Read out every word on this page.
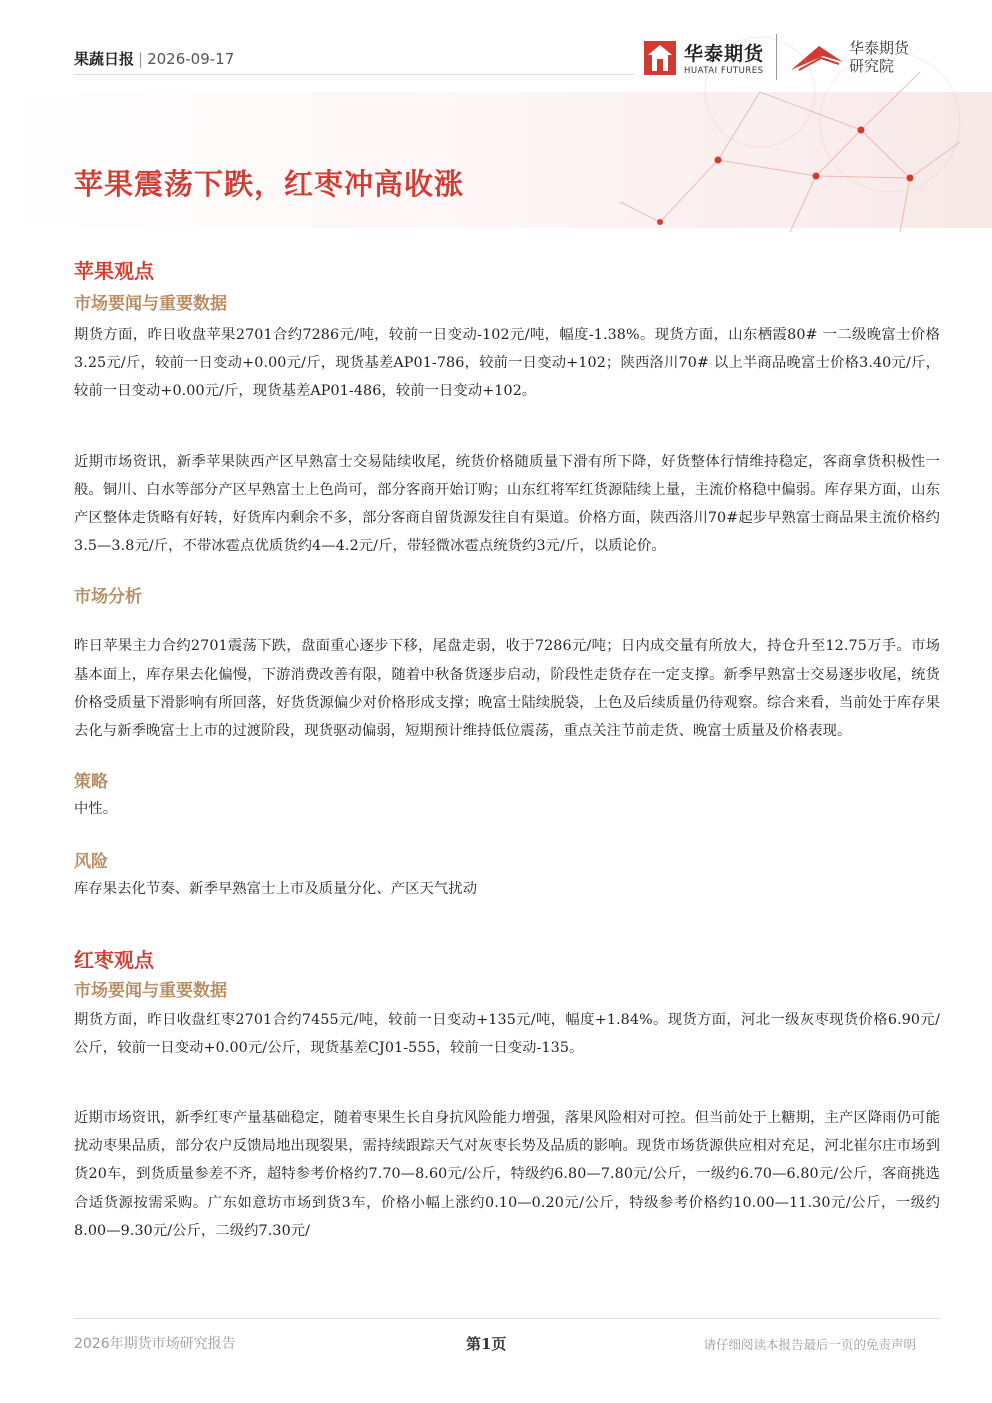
果蔬日报 | 2026-09-17	华泰期货
HUATAI FUTURES
华泰期货
研究院
苹果震荡下跌，红枣冲高收涨
苹果观点
市场要闻与重要数据

期货方面，昨日收盘苹果2701合约7286元/吨，较前一日变动-102元/吨，幅度-1.38%。现货方面，山东栖霞80# 一二级晚富士价格3.25元/斤，较前一日变动+0.00元/斤，现货基差AP01-786，较前一日变动+102；陕西洛川70# 以上半商品晚富士价格3.40元/斤，较前一日变动+0.00元/斤，现货基差AP01-486，较前一日变动+102。

近期市场资讯，新季苹果陕西产区早熟富士交易陆续收尾，统货价格随质量下滑有所下降，好货整体行情维持稳定，客商拿货积极性一般。铜川、白水等部分产区早熟富士上色尚可，部分客商开始订购；山东红将军红货源陆续上量，主流价格稳中偏弱。库存果方面，山东产区整体走货略有好转，好货库内剩余不多，部分客商自留货源发往自有渠道。价格方面，陕西洛川70#起步早熟富士商品果主流价格约3.5—3.8元/斤，不带冰雹点优质货约4—4.2元/斤，带轻微冰雹点统货约3元/斤，以质论价。

市场分析

昨日苹果主力合约2701震荡下跌，盘面重心逐步下移，尾盘走弱，收于7286元/吨；日内成交量有所放大，持仓升至12.75万手。市场基本面上，库存果去化偏慢，下游消费改善有限，随着中秋备货逐步启动，阶段性走货存在一定支撑。新季早熟富士交易逐步收尾，统货价格受质量下滑影响有所回落，好货货源偏少对价格形成支撑；晚富士陆续脱袋，上色及后续质量仍待观察。综合来看，当前处于库存果去化与新季晚富士上市的过渡阶段，现货驱动偏弱，短期预计维持低位震荡，重点关注节前走货、晚富士质量及价格表现。

策略

中性。

风险

库存果去化节奏、新季早熟富士上市及质量分化、产区天气扰动

红枣观点
市场要闻与重要数据

期货方面，昨日收盘红枣2701合约7455元/吨，较前一日变动+135元/吨，幅度+1.84%。现货方面，河北一级灰枣现货价格6.90元/公斤，较前一日变动+0.00元/公斤，现货基差CJ01-555，较前一日变动-135。

近期市场资讯，新季红枣产量基础稳定，随着枣果生长自身抗风险能力增强，落果风险相对可控。但当前处于上糖期，主产区降雨仍可能扰动枣果品质，部分农户反馈局地出现裂果，需持续跟踪天气对灰枣长势及品质的影响。现货市场货源供应相对充足，河北崔尔庄市场到货20车，到货质量参差不齐，超特参考价格约7.70—8.60元/公斤，特级约6.80—7.80元/公斤，一级约6.70—6.80元/公斤，客商挑选合适货源按需采购。广东如意坊市场到货3车，价格小幅上涨约0.10—0.20元/公斤，特级参考价格约10.00—11.30元/公斤，一级约8.00—9.30元/公斤，二级约7.30元/

2026年期货市场研究报告	第1页	请仔细阅读本报告最后一页的免责声明
